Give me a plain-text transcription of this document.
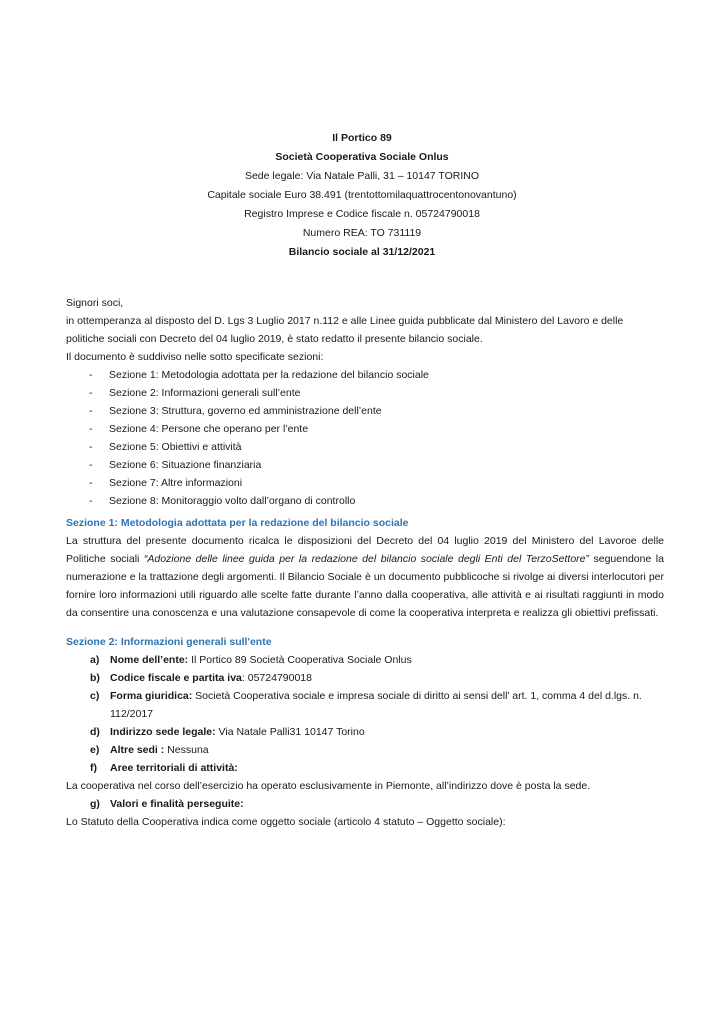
Il Portico 89
Società Cooperativa Sociale Onlus
Sede legale: Via Natale Palli, 31 – 10147 TORINO
Capitale sociale Euro 38.491 (trentottomilaquattrocentonovantuno)
Registro Imprese e Codice fiscale n. 05724790018
Numero REA: TO 731119
Bilancio sociale al 31/12/2021

Signori soci,

in ottemperanza al disposto del D. Lgs 3 Luglio 2017 n.112 e alle Linee guida pubblicate dal Ministero del Lavoro e delle politiche sociali con Decreto del 04 luglio 2019, è stato redatto il presente bilancio sociale.

Il documento è suddiviso nelle sotto specificate sezioni:

- Sezione 1: Metodologia adottata per la redazione del bilancio sociale
- Sezione 2: Informazioni generali sull’ente
- Sezione 3: Struttura, governo ed amministrazione dell’ente
- Sezione 4: Persone che operano per l’ente
- Sezione 5: Obiettivi e attività
- Sezione 6: Situazione finanziaria
- Sezione 7: Altre informazioni
- Sezione 8: Monitoraggio volto dall’organo di controllo

Sezione 1: Metodologia adottata per la redazione del bilancio sociale

La struttura del presente documento ricalca le disposizioni del Decreto del 04 luglio 2019 del Ministero del Lavoroe delle Politiche sociali “Adozione delle linee guida per la redazione del bilancio sociale degli Enti del TerzoSettore” seguendone la numerazione e la trattazione degli argomenti. Il Bilancio Sociale è un documento pubblicoche si rivolge ai diversi interlocutori per fornire loro informazioni utili riguardo alle scelte fatte durante l’anno dalla cooperativa, alle attività e ai risultati raggiunti in modo da consentire una conoscenza e una valutazione consapevole di come la cooperativa interpreta e realizza gli obiettivi prefissati.

Sezione 2: Informazioni generali sull'ente

a) Nome dell’ente: Il Portico 89 Società Cooperativa Sociale Onlus
b) Codice fiscale e partita iva: 05724790018
c) Forma giuridica: Società Cooperativa sociale e impresa sociale di diritto ai sensi dell’ art. 1, comma 4 del d.lgs. n. 112/2017
d) Indirizzo sede legale: Via Natale Palli31 10147 Torino
e) Altre sedi : Nessuna
f) Aree territoriali di attività:

La cooperativa nel corso dell’esercizio ha operato esclusivamente in Piemonte, all’indirizzo dove è posta la sede.

g) Valori e finalità perseguite:

Lo Statuto della Cooperativa indica come oggetto sociale (articolo 4 statuto – Oggetto sociale):
